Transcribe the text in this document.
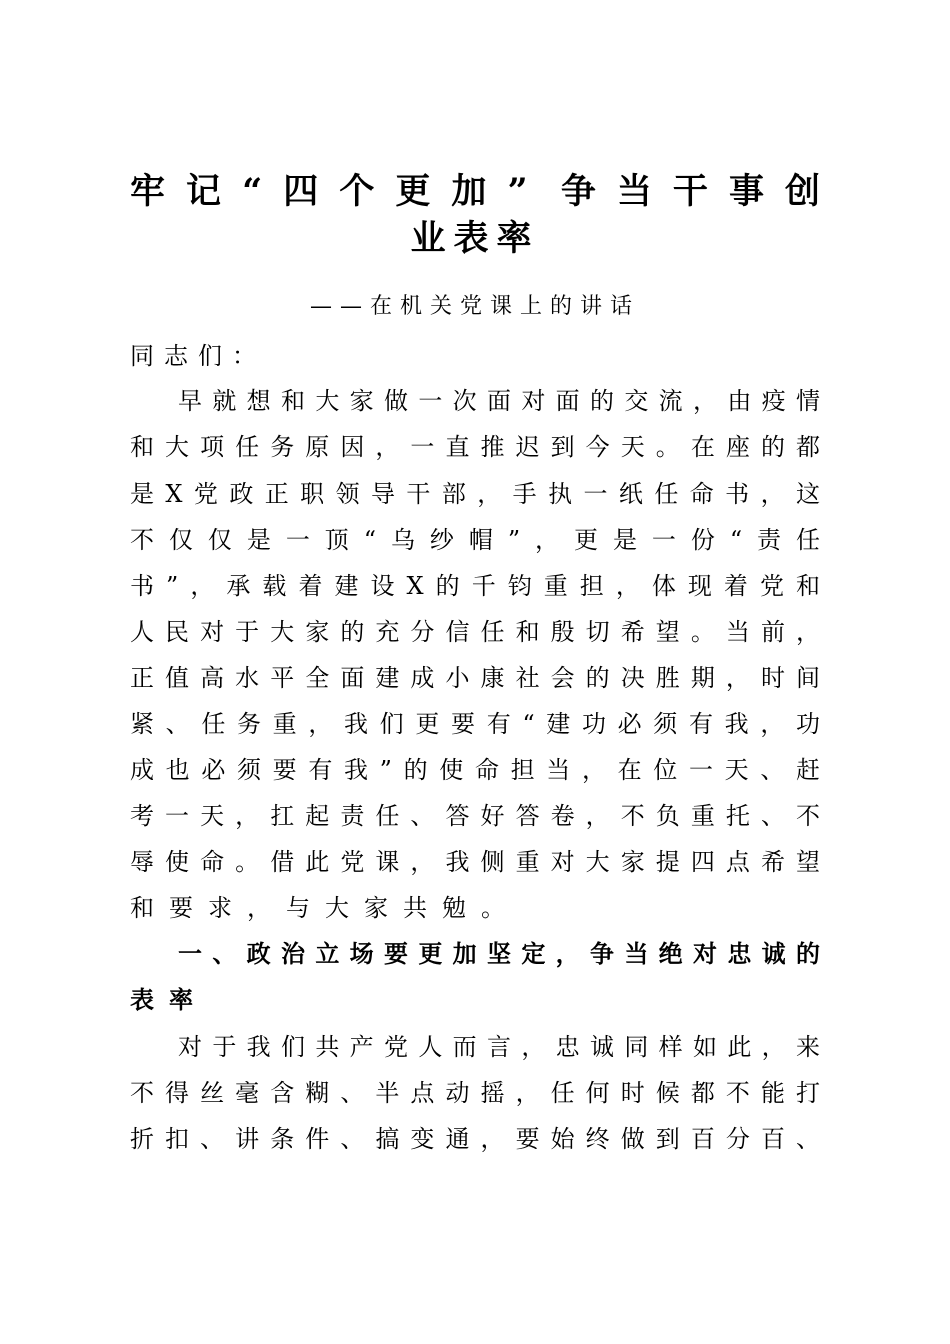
牢记“四个更加” 争当干事创
业表率
——在机关党课上的讲话
同志们：
早就想和大家做一次面对面的交流，由疫情
和大项任务原因，一直推迟到今天。在座的都
是X党政正职领导干部，手执一纸任命书，这
不仅仅是一顶“乌纱帽”，更是一份“责任
书”，承载着建设X的千钧重担，体现着党和
人民对于大家的充分信任和殷切希望。当前，
正值高水平全面建成小康社会的决胜期，时间
紧、任务重，我们更要有“建功必须有我，功
成也必须要有我”的使命担当，在位一天、赶
考一天，扛起责任、答好答卷，不负重托、不
辱使命。借此党课，我侧重对大家提四点希望
和要求，与大家共勉。
一、政治立场要更加坚定，争当绝对忠诚的
表率
对于我们共产党人而言，忠诚同样如此，来
不得丝毫含糊、半点动摇，任何时候都不能打
折扣、讲条件、搞变通，要始终做到百分百、
